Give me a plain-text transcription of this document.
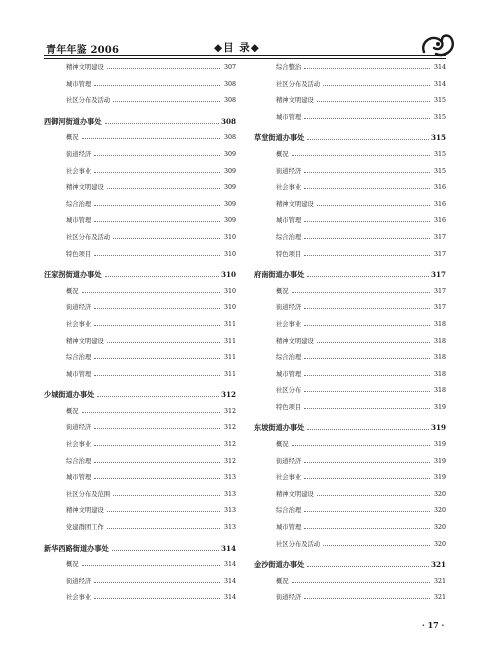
青年年鉴 2006	◆目 录◆
精神文明建设	307
城市管理	308
社区分布及活动	308
西御河街道办事处	308
概况	308
街道经济	309
社会事业	309
精神文明建设	309
综合治理	309
城市管理	309
社区分布及活动	310
特色项目	310
汪家拐街道办事处	310
概况	310
街道经济	310
社会事业	311
精神文明建设	311
综合治理	311
城市管理	311
少城街道办事处	312
概况	312
街道经济	312
社会事业	312
综合治理	312
城市管理	313
社区分布及范围	313
精神文明建设	313
党建群团工作	313
新华西路街道办事处	314
概况	314
街道经济	314
社会事业	314
综合整治	314
社区分布及活动	314
精神文明建设	315
城市管理	315
草堂街道办事处	315
概况	315
街道经济	315
社会事业	316
精神文明建设	316
城市管理	316
综合治理	317
特色项目	317
府南街道办事处	317
概况	317
街道经济	317
社会事业	318
精神文明建设	318
综合治理	318
城市管理	318
社区分布	318
特色项目	319
东坡街道办事处	319
概况	319
街道经济	319
社会事业	319
精神文明建设	320
综合治理	320
城市管理	320
社区分布及活动	320
金沙街道办事处	321
概况	321
街道经济	321
· 17 ·
